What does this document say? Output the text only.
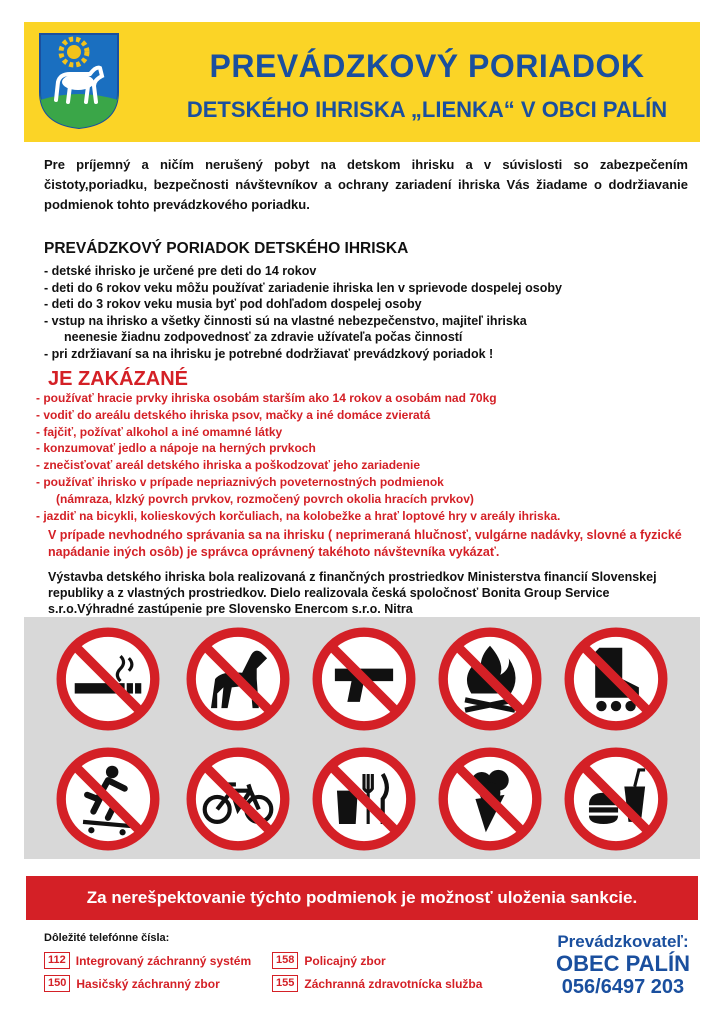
PREVÁDZKOVÝ PORIADOK
DETSKÉHO IHRISKA „LIENKA“ V OBCI PALÍN
Pre príjemný a ničím nerušený pobyt na detskom ihrisku a v súvislosti so zabezpečením čistoty,poriadku, bezpečnosti návštevníkov a ochrany zariadení ihriska Vás žiadame o dodržiavanie podmienok tohto prevádzkového poriadku.
PREVÁDZKOVÝ PORIADOK DETSKÉHO IHRISKA
- detské ihrisko je určené pre deti do 14 rokov
- deti do 6 rokov veku môžu používať zariadenie ihriska len v sprievode dospelej osoby
- deti do 3 rokov veku musia byť pod dohľadom dospelej osoby
- vstup na ihrisko a všetky činnosti sú na vlastné nebezpečenstvo, majiteľ ihriska
neenesie žiadnu zodpovednosť za zdravie užívateľa počas činností
- pri zdržiavaní sa na ihrisku je potrebné dodržiavať prevádzkový poriadok !
JE ZAKÁZANÉ
- používať hracie prvky ihriska osobám starším ako 14 rokov a osobám nad 70kg
- vodiť do areálu detského ihriska psov, mačky a iné domáce zvieratá
- fajčiť, požívať alkohol a iné omamné látky
- konzumovať jedlo a nápoje na herných prvkoch
- znečisťovať areál detského ihriska a poškodzovať jeho zariadenie
- používať ihrisko v prípade nepriaznivých poveternostných podmienok
(námraza, klzký povrch prvkov, rozmočený povrch okolia hracích prvkov)
- jazdiť na bicykli, kolieskových korčuliach, na kolobežke a hrať loptové hry v areály ihriska.
V prípade nevhodného správania sa na ihrisku ( neprimeraná hlučnosť, vulgárne nadávky, slovné a fyzické napádanie iných osôb) je správca oprávnený takéhoto návštevníka vykázať.
Výstavba detského ihriska bola realizovaná z finančných prostriedkov Ministerstva financií Slovenskej republiky a z vlastných prostriedkov. Dielo realizovala česká spoločnosť Bonita Group Service s.r.o.Výhradné zastúpenie pre Slovensko Enercom s.r.o. Nitra
Za nerešpektovanie týchto podmienok je možnosť uloženia sankcie.
Dôležité telefónne čísla:
112 Integrovaný záchranný systém	158 Policajný zbor
150 Hasičský záchranný zbor	155 Záchranná zdravotnícka služba
Prevádzkovateľ:
OBEC PALÍN
056/6497 203
